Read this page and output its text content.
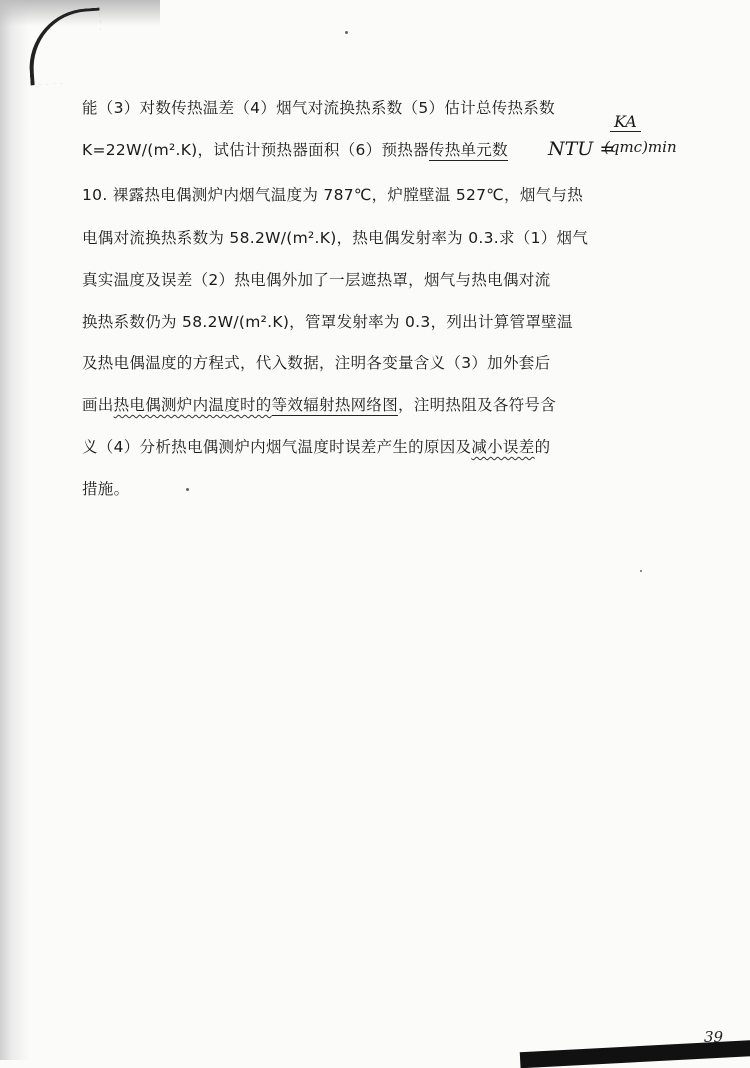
能（3）对数传热温差（4）烟气对流换热系数（5）估计总传热系数
K=22W/(m².K)，试估计预热器面积（6）预热器传热单元数 NTU =
KA
(qmc)min
10. 裸露热电偶测炉内烟气温度为 787℃，炉膛壁温 527℃，烟气与热
电偶对流换热系数为 58.2W/(m².K)，热电偶发射率为 0.3.求（1）烟气
真实温度及误差（2）热电偶外加了一层遮热罩，烟气与热电偶对流
换热系数仍为 58.2W/(m².K)，管罩发射率为 0.3，列出计算管罩壁温
及热电偶温度的方程式，代入数据，注明各变量含义（3）加外套后
画出热电偶测炉内温度时的等效辐射热网络图，注明热阻及各符号含
义（4）分析热电偶测炉内烟气温度时误差产生的原因及减小误差的
措施。
39
